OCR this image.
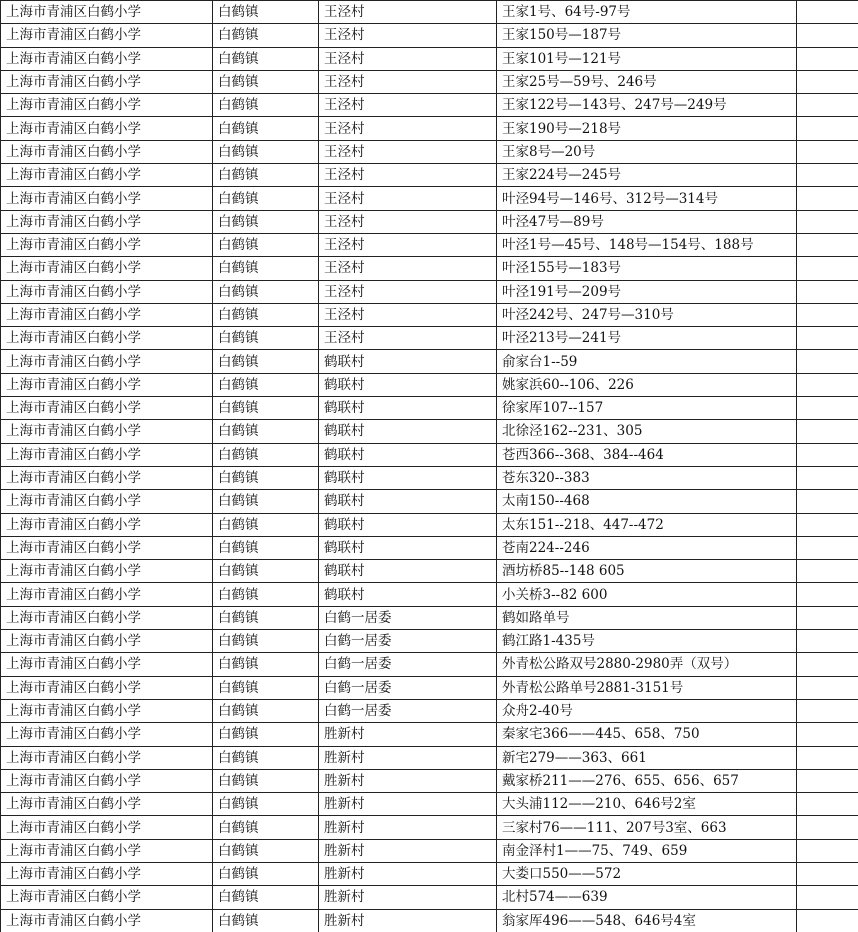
上海市青浦区白鹤小学	白鹤镇	王泾村	王家1号、64号-97号	
上海市青浦区白鹤小学	白鹤镇	王泾村	王家150号—187号	
上海市青浦区白鹤小学	白鹤镇	王泾村	王家101号—121号	
上海市青浦区白鹤小学	白鹤镇	王泾村	王家25号—59号、246号	
上海市青浦区白鹤小学	白鹤镇	王泾村	王家122号—143号、247号—249号	
上海市青浦区白鹤小学	白鹤镇	王泾村	王家190号—218号	
上海市青浦区白鹤小学	白鹤镇	王泾村	王家8号—20号	
上海市青浦区白鹤小学	白鹤镇	王泾村	王家224号—245号	
上海市青浦区白鹤小学	白鹤镇	王泾村	叶泾94号—146号、312号—314号	
上海市青浦区白鹤小学	白鹤镇	王泾村	叶泾47号—89号	
上海市青浦区白鹤小学	白鹤镇	王泾村	叶泾1号—45号、148号—154号、188号	
上海市青浦区白鹤小学	白鹤镇	王泾村	叶泾155号—183号	
上海市青浦区白鹤小学	白鹤镇	王泾村	叶泾191号—209号	
上海市青浦区白鹤小学	白鹤镇	王泾村	叶泾242号、247号—310号	
上海市青浦区白鹤小学	白鹤镇	王泾村	叶泾213号—241号	
上海市青浦区白鹤小学	白鹤镇	鹤联村	俞家台1--59	
上海市青浦区白鹤小学	白鹤镇	鹤联村	姚家浜60--106、226	
上海市青浦区白鹤小学	白鹤镇	鹤联村	徐家厍107--157	
上海市青浦区白鹤小学	白鹤镇	鹤联村	北徐泾162--231、305	
上海市青浦区白鹤小学	白鹤镇	鹤联村	苍西366--368、384--464	
上海市青浦区白鹤小学	白鹤镇	鹤联村	苍东320--383	
上海市青浦区白鹤小学	白鹤镇	鹤联村	太南150--468	
上海市青浦区白鹤小学	白鹤镇	鹤联村	太东151--218、447--472	
上海市青浦区白鹤小学	白鹤镇	鹤联村	苍南224--246	
上海市青浦区白鹤小学	白鹤镇	鹤联村	酒坊桥85--148 605	
上海市青浦区白鹤小学	白鹤镇	鹤联村	小关桥3--82 600	
上海市青浦区白鹤小学	白鹤镇	白鹤一居委	鹤如路单号	
上海市青浦区白鹤小学	白鹤镇	白鹤一居委	鹤江路1-435号	
上海市青浦区白鹤小学	白鹤镇	白鹤一居委	外青松公路双号2880-2980弄（双号）	
上海市青浦区白鹤小学	白鹤镇	白鹤一居委	外青松公路单号2881-3151号	
上海市青浦区白鹤小学	白鹤镇	白鹤一居委	众舟2-40号	
上海市青浦区白鹤小学	白鹤镇	胜新村	秦家宅366——445、658、750	
上海市青浦区白鹤小学	白鹤镇	胜新村	新宅279——363、661	
上海市青浦区白鹤小学	白鹤镇	胜新村	戴家桥211——276、655、656、657	
上海市青浦区白鹤小学	白鹤镇	胜新村	大头浦112——210、646号2室	
上海市青浦区白鹤小学	白鹤镇	胜新村	三家村76——111、207号3室、663	
上海市青浦区白鹤小学	白鹤镇	胜新村	南金泽村1——75、749、659	
上海市青浦区白鹤小学	白鹤镇	胜新村	大娄口550——572	
上海市青浦区白鹤小学	白鹤镇	胜新村	北村574——639	
上海市青浦区白鹤小学	白鹤镇	胜新村	翁家厍496——548、646号4室	
